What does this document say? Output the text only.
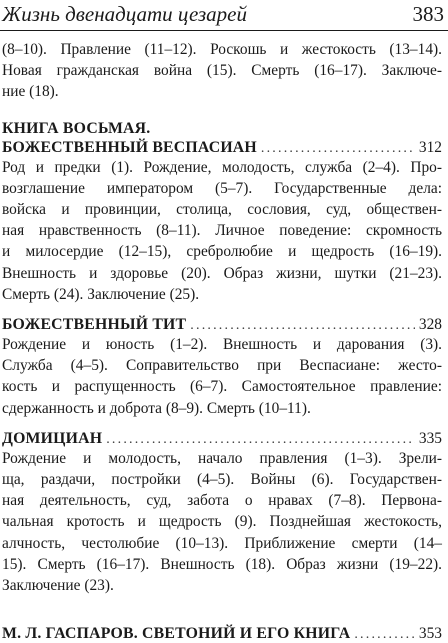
Жизнь двенадцати цезарей	383

(8–10). Правление (11–12). Роскошь и жестокость (13–14).
Новая гражданская война (15). Смерть (16–17). Заключе-
ние (18).

КНИГА ВОСЬМАЯ.
БОЖЕСТВЕННЫЙ ВЕСПАСИАН .....	312

Род и предки (1). Рождение, молодость, служба (2–4). Про-
возглашение императором (5–7). Государственные дела:
войска и провинции, столица, сословия, суд, обществен-
ная нравственность (8–11). Личное поведение: скромность
и милосердие (12–15), сребролюбие и щедрость (16–19).
Внешность и здоровье (20). Образ жизни, шутки (21–23).
Смерть (24). Заключение (25).

БОЖЕСТВЕННЫЙ ТИТ .....	328

Рождение и юность (1–2). Внешность и дарования (3).
Служба (4–5). Соправительство при Веспасиане: жесто-
кость и распущенность (6–7). Самостоятельное правление:
сдержанность и доброта (8–9). Смерть (10–11).

ДОМИЦИАН .....	335

Рождение и молодость, начало правления (1–3). Зрели-
ща, раздачи, постройки (4–5). Войны (6). Государствен-
ная деятельность, суд, забота о нравах (7–8). Первона-
чальная кротость и щедрость (9). Позднейшая жестокость,
алчность, честолюбие (10–13). Приближение смерти (14–
15). Смерть (16–17). Внешность (18). Образ жизни (19–22).
Заключение (23).

М. Л. ГАСПАРОВ. СВЕТОНИЙ И ЕГО КНИГА .....	353
